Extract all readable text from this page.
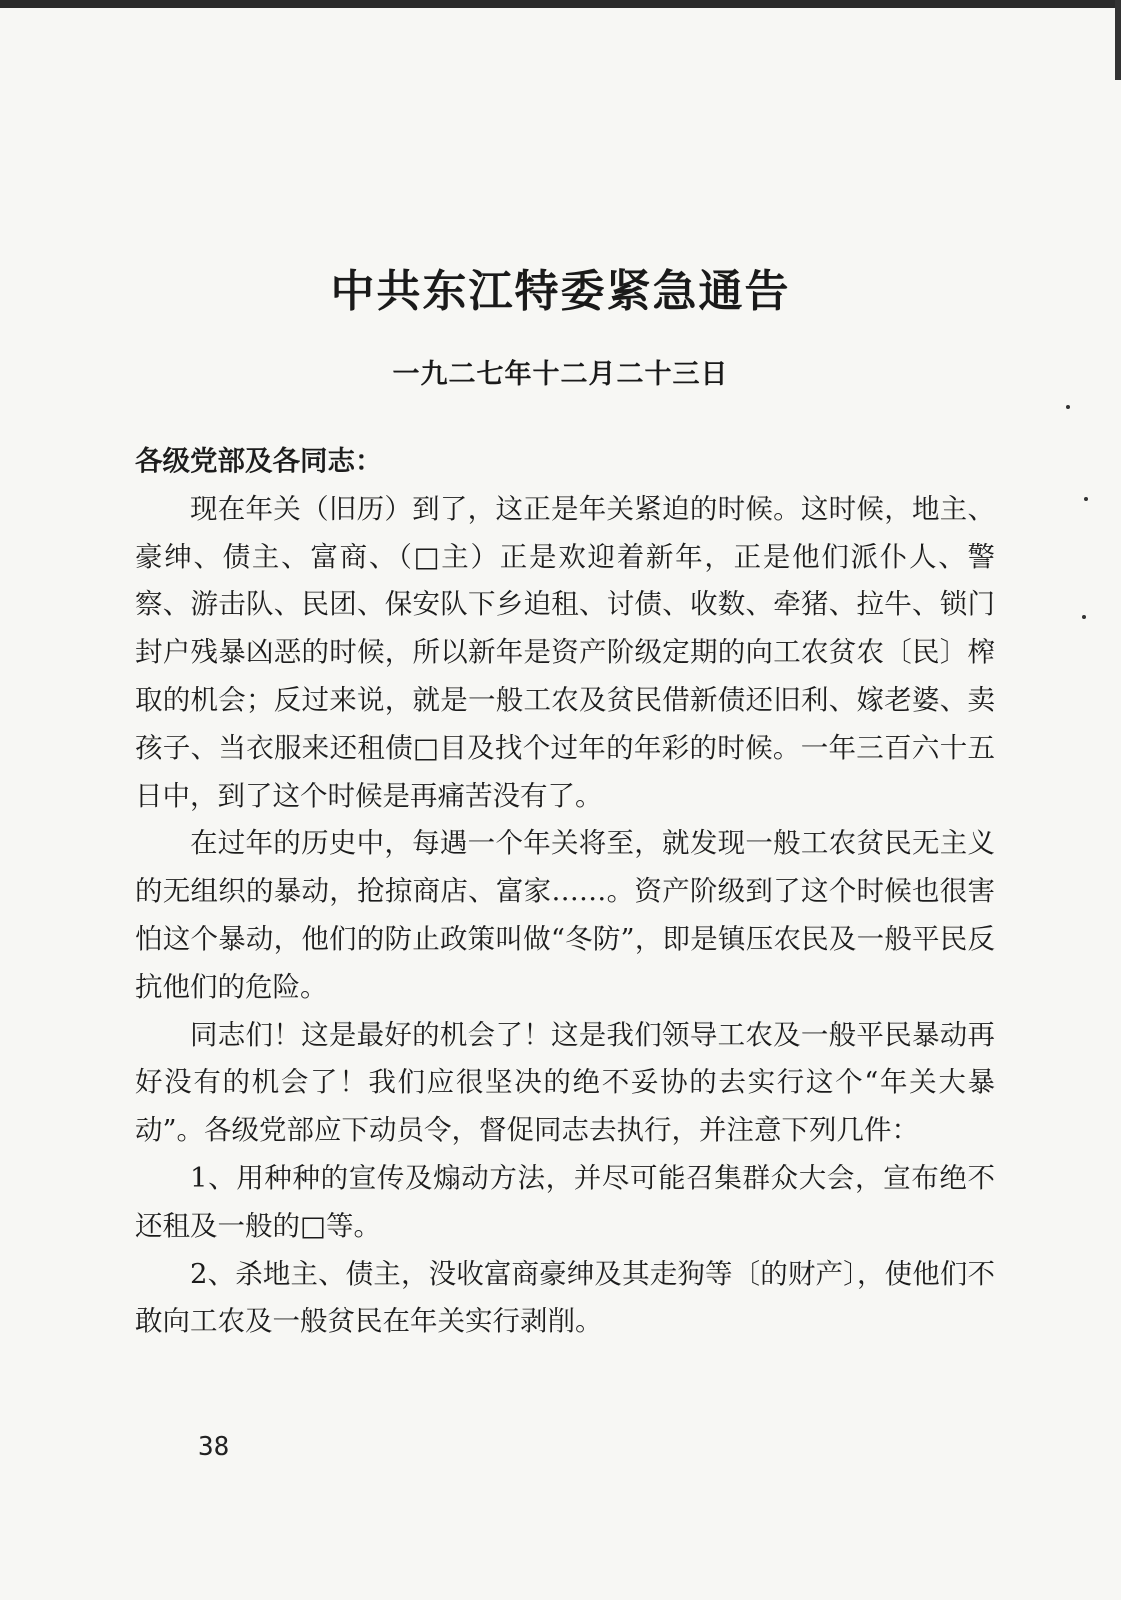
中共东江特委紧急通告
一九二七年十二月二十三日

各级党部及各同志：

现在年关（旧历）到了，这正是年关紧迫的时候。这时候，地主、豪绅、债主、富商、（□主）正是欢迎着新年，正是他们派仆人、警察、游击队、民团、保安队下乡迫租、讨债、收数、牵猪、拉牛、锁门封户残暴凶恶的时候，所以新年是资产阶级定期的向工农贫农〔民〕榨取的机会；反过来说，就是一般工农及贫民借新债还旧利、嫁老婆、卖孩子、当衣服来还租债□目及找个过年的年彩的时候。一年三百六十五日中，到了这个时候是再痛苦没有了。

在过年的历史中，每遇一个年关将至，就发现一般工农贫民无主义的无组织的暴动，抢掠商店、富家……。资产阶级到了这个时候也很害怕这个暴动，他们的防止政策叫做“冬防”，即是镇压农民及一般平民反抗他们的危险。

同志们！这是最好的机会了！这是我们领导工农及一般平民暴动再好没有的机会了！我们应很坚决的绝不妥协的去实行这个“年关大暴动”。各级党部应下动员令，督促同志去执行，并注意下列几件：

1、用种种的宣传及煽动方法，并尽可能召集群众大会，宣布绝不还租及一般的□等。

2、杀地主、债主，没收富商豪绅及其走狗等〔的财产〕，使他们不敢向工农及一般贫民在年关实行剥削。

38
